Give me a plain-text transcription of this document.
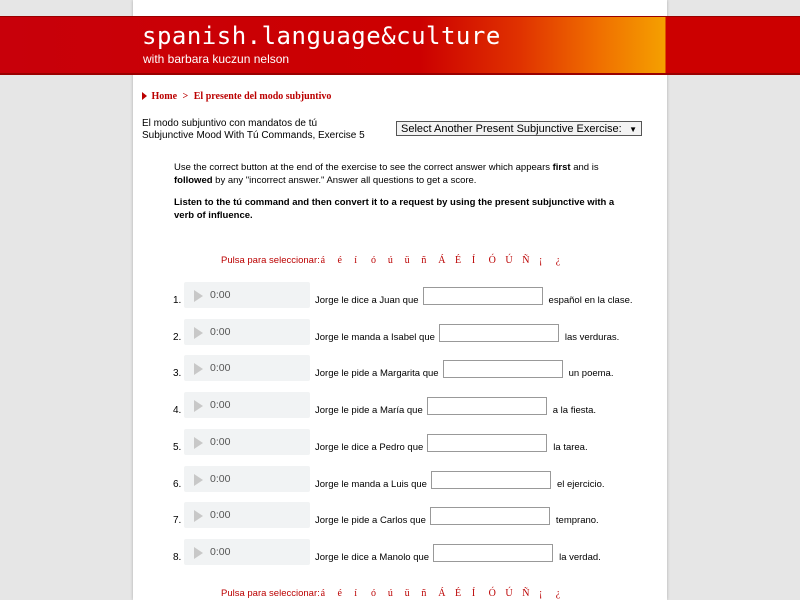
spanish.language&culture
with barbara kuczun nelson
Home > El presente del modo subjuntivo
El modo subjuntivo con mandatos de tú
Subjunctive Mood With Tú Commands, Exercise 5
Select Another Present Subjunctive Exercise: ▼
Use the correct button at the end of the exercise to see the correct answer which appears first and is followed by any "incorrect answer." Answer all questions to get a score.
Listen to the tú command and then convert it to a request by using the present subjunctive with a verb of influence.
Pulsa para seleccionar: á é í ó ú ü ñ Á É Í Ó Ú Ñ ¡ ¿
1.	0:00	Jorge le dice a Juan que	español en la clase.
2.	0:00	Jorge le manda a Isabel que	las verduras.
3.	0:00	Jorge le pide a Margarita que	un poema.
4.	0:00	Jorge le pide a María que	a la fiesta.
5.	0:00	Jorge le dice a Pedro que	la tarea.
6.	0:00	Jorge le manda a Luis que	el ejercicio.
7.	0:00	Jorge le pide a Carlos que	temprano.
8.	0:00	Jorge le dice a Manolo que	la verdad.
Pulsa para seleccionar: á é í ó ú ü ñ Á É Í Ó Ú Ñ ¡ ¿
